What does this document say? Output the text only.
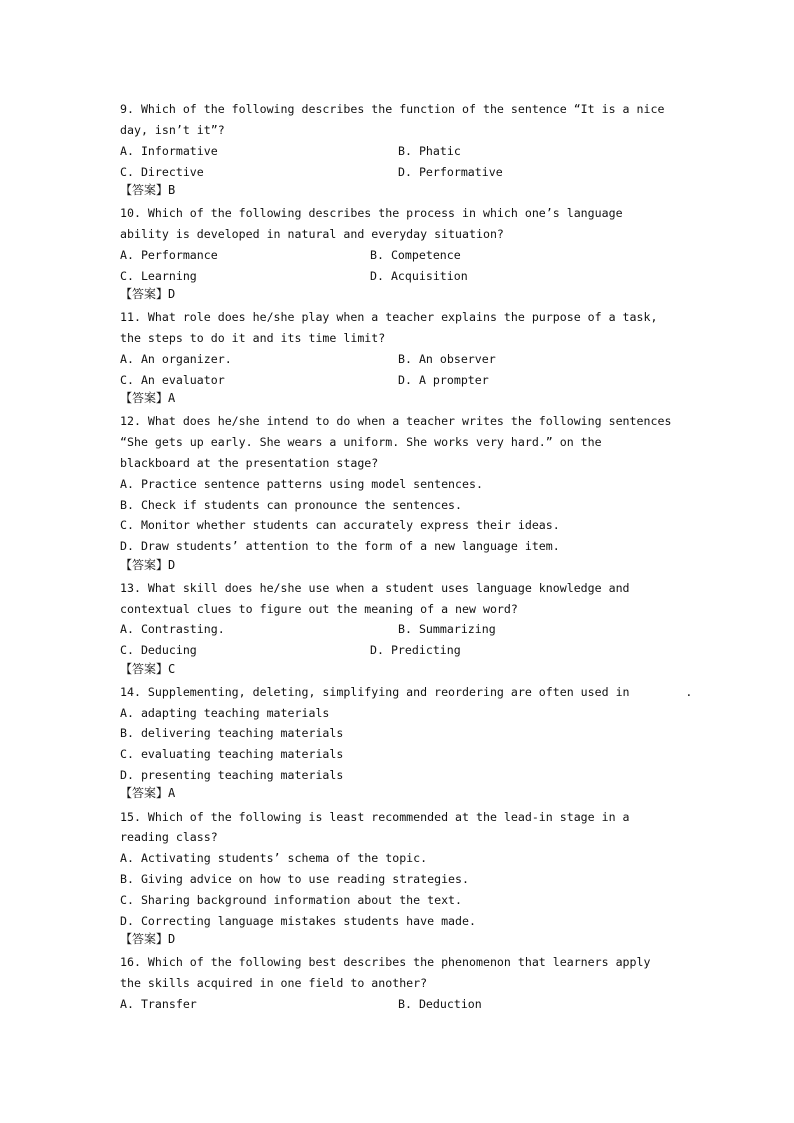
9. Which of the following describes the function of the sentence “It is a nice
day, isn’t it”?
A. Informative	B. Phatic
C. Directive	D. Performative
【答案】B
10. Which of the following describes the process in which one’s language
ability is developed in natural and everyday situation?
A. Performance	B. Competence
C. Learning	D. Acquisition
【答案】D
11. What role does he/she play when a teacher explains the purpose of a task,
the steps to do it and its time limit?
A. An organizer.	B. An observer
C. An evaluator	D. A prompter
【答案】A
12. What does he/she intend to do when a teacher writes the following sentences
“She gets up early. She wears a uniform. She works very hard.” on the
blackboard at the presentation stage?
A. Practice sentence patterns using model sentences.
B. Check if students can pronounce the sentences.
C. Monitor whether students can accurately express their ideas.
D. Draw students’ attention to the form of a new language item.
【答案】D
13. What skill does he/she use when a student uses language knowledge and
contextual clues to figure out the meaning of a new word?
A. Contrasting.	B. Summarizing
C. Deducing	D. Predicting
【答案】C
14. Supplementing, deleting, simplifying and reordering are often used in        .
A. adapting teaching materials
B. delivering teaching materials
C. evaluating teaching materials
D. presenting teaching materials
【答案】A
15. Which of the following is least recommended at the lead-in stage in a
reading class?
A. Activating students’ schema of the topic.
B. Giving advice on how to use reading strategies.
C. Sharing background information about the text.
D. Correcting language mistakes students have made.
【答案】D
16. Which of the following best describes the phenomenon that learners apply
the skills acquired in one field to another?
A. Transfer	B. Deduction
